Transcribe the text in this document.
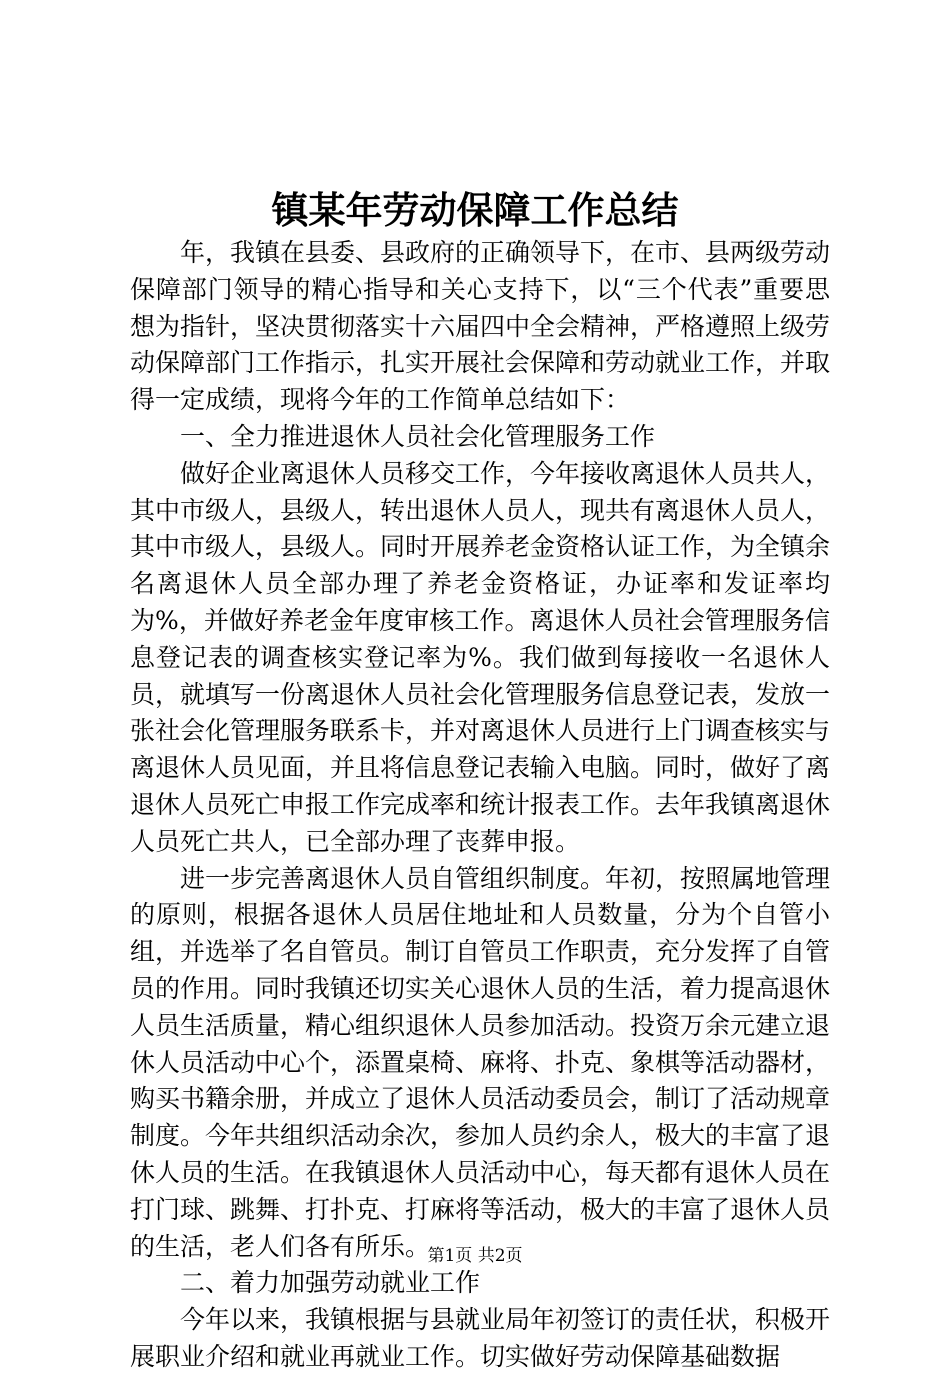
镇某年劳动保障工作总结

年，我镇在县委、县政府的正确领导下，在市、县两级劳动保障部门领导的精心指导和关心支持下，以“三个代表”重要思想为指针，坚决贯彻落实十六届四中全会精神，严格遵照上级劳动保障部门工作指示，扎实开展社会保障和劳动就业工作，并取得一定成绩，现将今年的工作简单总结如下：

一、全力推进退休人员社会化管理服务工作

做好企业离退休人员移交工作，今年接收离退休人员共人，其中市级人，县级人，转出退休人员人，现共有离退休人员人，其中市级人，县级人。同时开展养老金资格认证工作，为全镇余名离退休人员全部办理了养老金资格证，办证率和发证率均为%，并做好养老金年度审核工作。离退休人员社会管理服务信息登记表的调查核实登记率为%。我们做到每接收一名退休人员，就填写一份离退休人员社会化管理服务信息登记表，发放一张社会化管理服务联系卡，并对离退休人员进行上门调查核实与离退休人员见面，并且将信息登记表输入电脑。同时，做好了离退休人员死亡申报工作完成率和统计报表工作。去年我镇离退休人员死亡共人，已全部办理了丧葬申报。

进一步完善离退休人员自管组织制度。年初，按照属地管理的原则，根据各退休人员居住地址和人员数量，分为个自管小组，并选举了名自管员。制订自管员工作职责，充分发挥了自管员的作用。同时我镇还切实关心退休人员的生活，着力提高退休人员生活质量，精心组织退休人员参加活动。投资万余元建立退休人员活动中心个，添置桌椅、麻将、扑克、象棋等活动器材，购买书籍余册，并成立了退休人员活动委员会，制订了活动规章制度。今年共组织活动余次，参加人员约余人，极大的丰富了退休人员的生活。在我镇退休人员活动中心，每天都有退休人员在打门球、跳舞、打扑克、打麻将等活动，极大的丰富了退休人员的生活，老人们各有所乐。

二、着力加强劳动就业工作

今年以来，我镇根据与县就业局年初签订的责任状，积极开展职业介绍和就业再就业工作。切实做好劳动保障基础数据

第1页 共2页
